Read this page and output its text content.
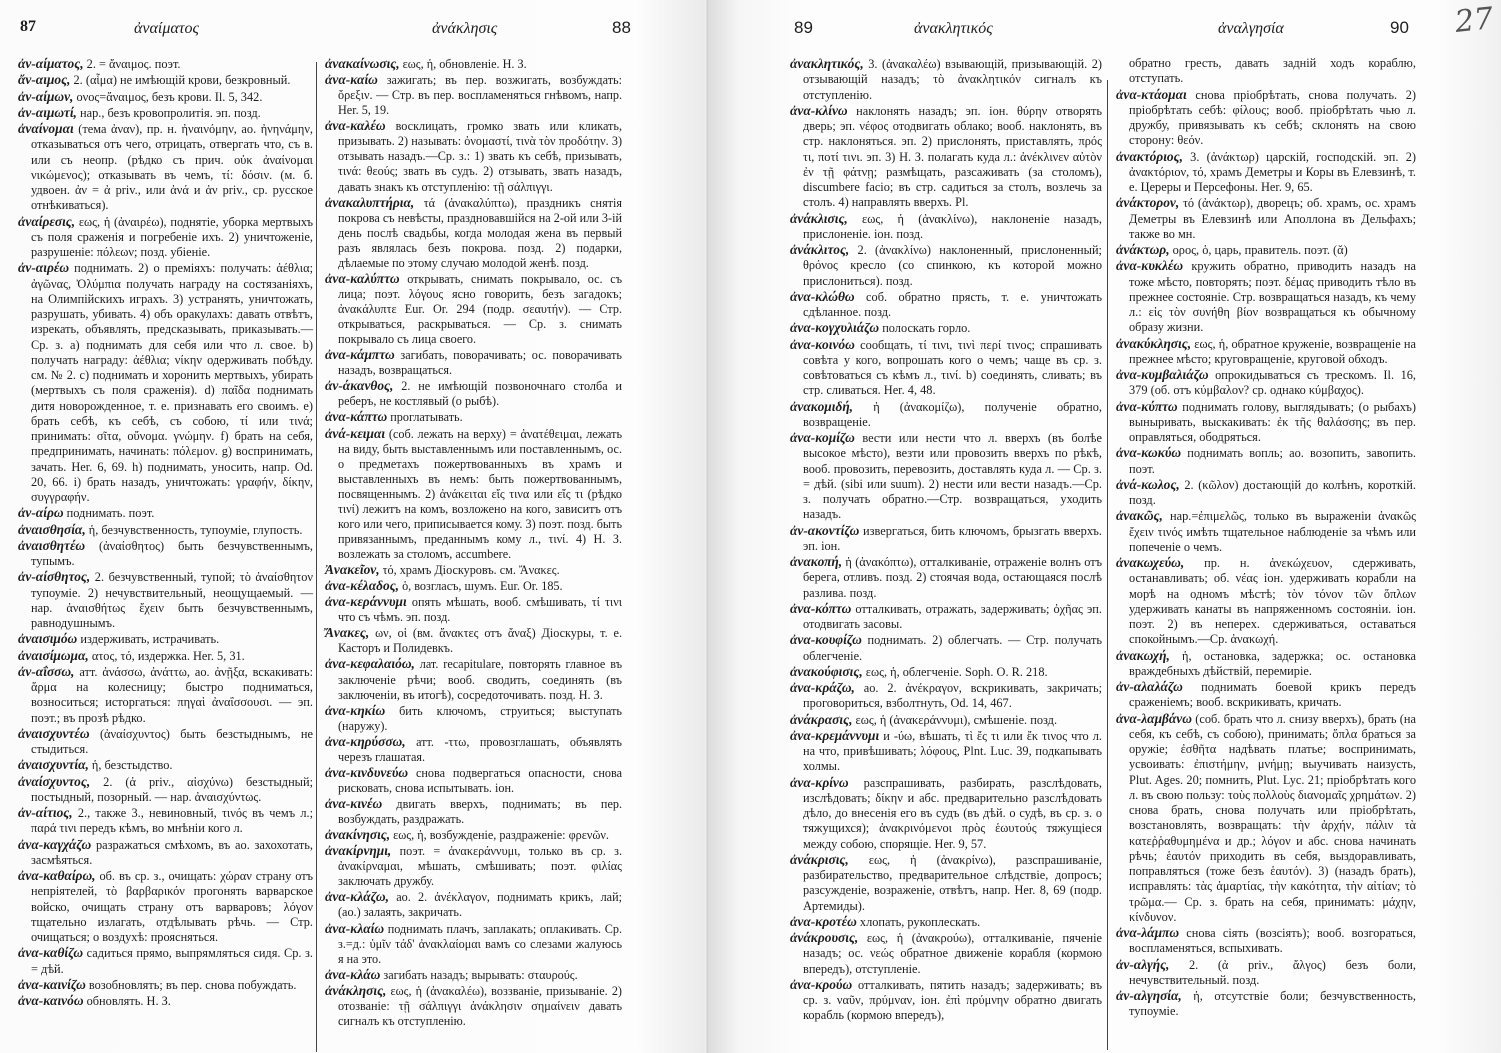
87	ἀναίματος	ἀνάκλησις	88

ἀν-αίματος, 2. = ἄναιμος. поэт.

ἄν-αιμος, 2. (αἷμα) не имѣющій крови, безкровный.

ἀν-αίμων, ονος=ἄναιμος, безъ крови. Il. 5, 342.

ἀν-αιμωτί, нар., безъ кровопролитія. эп. позд.

ἀναίνομαι (тема ἀναν), пр. н. ἠναινόμην, ао. ἠνηνάμην, отказываться отъ чего, отрицать, отвергать что, съ в. или съ неопр. (рѣдко съ прич. οὐκ ἀναίνομαι νικώμενος); отказывать въ чемъ, τί: δόσιν. (м. б. удвоен. ἀν = ἀ priv., или ἀνά и ἀν priv., ср. русское отнѣкиваться).

ἀναίρεσις, εως, ἡ (ἀναιρέω), поднятіе, уборка мертвыхъ съ поля сраженія и погребеніе ихъ. 2) уничтоженіе, разрушеніе: πόλεων; позд. убіеніе.

ἀν-αιρέω поднимать. 2) о преміяхъ: получать: ἀέθλια; ἀγῶνας, Ὀλύμπια получать награду на состязаніяхъ, на Олимпійскихъ играхъ. 3) устранять, уничтожать, разрушать, убивать. 4) объ оракулахъ: давать отвѣтъ, изрекать, объявлять, предсказывать, приказывать.—Ср. з. a) поднимать для себя или что л. свое. b) получать награду: ἀέθλια; νίκην одерживать побѣду. см. № 2. c) поднимать и хоронить мертвыхъ, убирать (мертвыхъ съ поля сраженія). d) παῖδα поднимать дитя новорожденное, т. е. признавать его своимъ. e) брать себѣ, къ себѣ, съ собою, τί или τινά; принимать: σῖτα, οὔνομα. γνώμην. f) брать на себя, предпринимать, начинать: πόλεμον. g) воспринимать, зачать. Her. 6, 69. h) поднимать, уносить, напр. Od. 20, 66. i) брать назадъ, уничтожать: γραφήν, δίκην, συγγραφήν.

ἀν-αίρω поднимать. поэт.

ἀναισθησία, ἡ, безчувственность, тупоумiе, глупость.

ἀναισθητέω (ἀναίσθητος) быть безчувственнымъ, тупымъ.

ἀν-αίσθητος, 2. безчувственный, тупой; τὸ ἀναίσθητον тупоумiе. 2) нечувствительный, неощущаемый. — нар. ἀναισθήτως ἔχειν быть безчувственнымъ, равнодушнымъ.

ἀναισιμόω издерживать, истрачивать.

ἀναισίμωμα, ατος, τό, издержка. Her. 5, 31.

ἀν-αΐσσω, атт. ἀνάσσω, ἀνάττω, ао. ἀνῇξα, вскакивать: ἅρμα на колесницу; быстро подниматься, возноситься; исторгаться: πηγαὶ ἀναΐσσουσι. — эп. поэт.; въ прозѣ рѣдко.

ἀναισχυντέω (ἀναίσχυντος) быть безстыднымъ, не стыдиться.

ἀναισχυντία, ἡ, безстыдство.

ἀναίσχυντος, 2. (ἀ priv., αἰσχύνω) безстыдный; постыдный, позорный. — нар. ἀναισχύντως.

ἀν-αίτιος, 2., также 3., невиновный, τινός въ чемъ л.; παρά τινι передъ кѣмъ, во мнѣніи кого л.

ἀνα-καγχάζω разражаться смѣхомъ, въ ао. захохотать, засмѣяться.

ἀνα-καθαίρω, об. въ ср. з., очищать: χώραν страну отъ непріятелей, τὸ βαρβαρικόν прогонять варварское войско, очищать страну отъ варваровъ; λόγον тщательно излагать, отдѣлывать рѣчь. — Стр. очищаться; о воздухѣ: проясняться.

ἀνα-καθίζω садиться прямо, выпрямляться сидя. Ср. з. = дѣй.

ἀνα-καινίζω возобновлять; въ пер. снова побуждать.

ἀνα-καινόω обновлять. Н. З.

ἀνακαίνωσις, εως, ἡ, обновленіе. Н. З.

ἀνα-καίω зажигать; въ пер. возжигать, возбуждать: ὄρεξιν. — Стр. въ пер. воспламеняться гнѣвомъ, напр. Her. 5, 19.

ἀνα-καλέω восклицать, громко звать или кликать, призывать. 2) называть: ὀνομαστί, τινὰ τὸν προδότην. 3) отзывать назадъ.—Ср. з.: 1) звать къ себѣ, призывать, τινά: θεούς; звать въ судъ. 2) отзывать, звать назадъ, давать знакъ къ отступленію: τῇ σάλπιγγι.

ἀνακαλυπτήρια, τά (ἀνακαλύπτω), праздникъ снятія покрова съ невѣсты, праздновавшійся на 2-ой или 3-ій день послѣ свадьбы, когда молодая жена въ первый разъ являлась безъ покрова. позд. 2) подарки, дѣлаемые по этому случаю молодой женѣ. позд.

ἀνα-καλύπτω открывать, снимать покрывало, ос. съ лица; поэт. λόγους ясно говорить, безъ загадокъ; ἀνακάλυπτε Eur. Or. 294 (подр. σεαυτήν). — Стр. открываться, раскрываться. — Ср. з. снимать покрывало съ лица своего.

ἀνα-κάμπτω загибать, поворачивать; ос. поворачивать назадъ, возвращаться.

ἀν-άκανθος, 2. не имѣющій позвоночнаго столба и реберъ, не костлявый (о рыбѣ).

ἀνα-κάπτω проглатывать.

ἀνά-κειμαι (соб. лежать на верху) = ἀνατέθειμαι, лежать на виду, быть выставленнымъ или поставленнымъ, ос. о предметахъ пожертвованныхъ въ храмъ и выставленныхъ въ немъ: быть пожертвованнымъ, посвященнымъ. 2) ἀνάκειται εἴς τινα или εἴς τι (рѣдко τινί) лежитъ на комъ, возложено на кого, зависитъ отъ кого или чего, приписывается кому. 3) поэт. позд. быть привязаннымъ, преданнымъ кому л., τινί. 4) Н. З. возлежать за столомъ, accumbere.

Ἀνακεῖον, τό, храмъ Діоскуровъ. см. Ἄνακες.

ἀνα-κέλαδος, ὁ, возгласъ, шумъ. Eur. Or. 185.

ἀνα-κεράννυμι опять мѣшать, вооб. смѣшивать, τί τινι что съ чѣмъ. эп. позд.

Ἄνακες, ων, οἱ (вм. ἄνακτες отъ ἄναξ) Діоскуры, т. е. Касторъ и Полидевкъ.

ἀνα-κεφαλαιόω, лат. recapitulare, повторять главное въ заключеніе рѣчи; вооб. сводить, соединять (въ заключеніи, въ итогѣ), сосредоточивать. позд. Н. З.

ἀνα-κηκίω бить ключомъ, струиться; выступать (наружу).

ἀνα-κηρύσσω, атт. -ττω, провозглашать, объявлять черезъ глашатая.

ἀνα-κινδυνεύω снова подвергаться опасности, снова рисковать, снова испытывать. іон.

ἀνα-κινέω двигать вверхъ, поднимать; въ пер. возбуждать, раздражать.

ἀνακίνησις, εως, ἡ, возбужденіе, раздраженіе: φρενῶν.

ἀνακίρνημι, поэт. = ἀνακεράννυμι, только въ ср. з. ἀνακίρναμαι, мѣшать, смѣшивать; поэт. φιλίας заключать дружбу.

ἀνα-κλάζω, ао. 2. ἀνέκλαγον, поднимать крикъ, лай; (ао.) залаять, закричать.

ἀνα-κλαίω поднимать плачъ, заплакать; оплакивать. Ср. з.=д.: ὑμῖν τάδ' ἀνακλαίομαι вамъ со слезами жалуюсь я на это.

ἀνα-κλάω загибать назадъ; вырывать: σταυρούς.

ἀνάκλησις, εως, ἡ (ἀνακαλέω), воззваніе, призываніе. 2) отозваніе: τῇ σάλπιγγι ἀνάκλησιν σημαίνειν давать сигналъ къ отступленію.

89	ἀνακλητικός	ἀναλγησία	90 27

ἀνακλητικός, 3. (ἀνακαλέω) взывающій, призывающій. 2) отзывающій назадъ; τὸ ἀνακλητικόν сигналъ къ отступленію.

ἀνα-κλίνω наклонять назадъ; эп. іон. θύρην отворять дверь; эп. νέφος отодвигать облако; вооб. наклонять, въ стр. наклоняться. эп. 2) прислонять, приставлять, πρός τι, ποτί τινι. эп. 3) Н. З. полагать куда л.: ἀνέκλινεν αὐτὸν ἐν τῇ φάτνῃ; размѣщать, разсаживать (за столомъ), discumbere facio; въ стр. садиться за столъ, возлечь за столъ. 4) направлять вверхъ. Pl.

ἀνάκλισις, εως, ἡ (ἀνακλίνω), наклоненіе назадъ, прислоненіе. іон. позд.

ἀνάκλιτος, 2. (ἀνακλίνω) наклоненный, прислоненный; θρόνος кресло (со спинкою, къ которой можно прислониться). позд.

ἀνα-κλώθω соб. обратно прясть, т. е. уничтожать сдѣланное. позд.

ἀνα-κογχυλιάζω полоскать горло.

ἀνα-κοινόω сообщать, τί τινι, τινὶ περί τινος; спрашивать совѣта у кого, вопрошать кого о чемъ; чаще въ ср. з. совѣтоваться съ кѣмъ л., τινί. b) соединять, сливать; въ стр. сливаться. Her. 4, 48.

ἀνακομιδή, ἡ (ἀνακομίζω), полученіе обратно, возвращеніе.

ἀνα-κομίζω вести или нести что л. вверхъ (въ болѣе высокое мѣсто), везти или провозить вверхъ по рѣкѣ, вооб. провозить, перевозить, доставлять куда л. — Ср. з. = дѣй. (sibi или suum). 2) нести или вести назадъ.—Ср. з. получать обратно.—Стр. возвращаться, уходить назадъ.

ἀν-ακοντίζω извергаться, бить ключомъ, брызгать вверхъ. эп. іон.

ἀνακοπή, ἡ (ἀνακόπτω), отталкиваніе, отраженіе волнъ отъ берега, отливъ. позд. 2) стоячая вода, остающаяся послѣ разлива. позд.

ἀνα-κόπτω отталкивать, отражать, задерживать; ὀχῆας эп. отодвигать засовы.

ἀνα-κουφίζω поднимать. 2) облегчать. — Стр. получать облегченіе.

ἀνακούφισις, εως, ἡ, облегченіе. Soph. O. R. 218.

ἀνα-κράζω, ао. 2. ἀνέκραγον, вскрикивать, закричать; проговориться, взболтнуть, Od. 14, 467.

ἀνάκρασις, εως, ἡ (ἀνακεράννυμι), смѣшеніе. позд.

ἀνα-κρεμάννυμι и -ύω, вѣшать, τὶ ἔς τι или ἔκ τινος что л. на что, привѣшивать; λόφους, Plnt. Luc. 39, подкапывать холмы.

ἀνα-κρίνω разспрашивать, разбирать, разслѣдовать, изслѣдовать; δίκην и абс. предварительно разслѣдовать дѣло, до внесенія его въ судъ (въ дѣй. о судѣ, въ ср. з. о тяжущихся); ἀνακρινόμενοι πρὸς ἑωυτούς тяжущіеся между собою, спорящіе. Her. 9, 57.

ἀνάκρισις, εως, ἡ (ἀνακρίνω), разспрашиваніе, разбирательство, предварительное слѣдствіе, допросъ; разсужденіе, возраженіе, отвѣтъ, напр. Her. 8, 69 (подр. Артемиды).

ἀνα-κροτέω хлопать, рукоплескать.

ἀνάκρουσις, εως, ἡ (ἀνακρούω), отталкиваніе, пяченіе назадъ; ос. νεώς обратное движеніе корабля (кормою впередъ), отступленіе.

ἀνα-κρούω отталкивать, пятить назадъ; задерживать; въ ср. з. ναῦν, πρύμναν, іон. ἐπὶ πρύμνην обратно двигать корабль (кормою впередъ),

обратно гресть, давать задній ходъ кораблю, отступать.

ἀνα-κτάομαι снова пріобрѣтать, снова получать. 2) пріобрѣтать себѣ: φίλους; вооб. пріобрѣтать чью л. дружбу, привязывать къ себѣ; склонять на свою сторону: θεόν.

ἀνακτόριος, 3. (ἀνάκτωρ) царскій, господскій. эп. 2) ἀνακτόριον, τό, храмъ Деметры и Коры въ Елевзинѣ, т. е. Цереры и Персефоны. Her. 9, 65.

ἀνάκτορον, τό (ἀνάκτωρ), дворецъ; об. храмъ, ос. храмъ Деметры въ Елевзинѣ или Аполлона въ Дельфахъ; также во мн.

ἀνάκτωρ, ορος, ὁ, царь, правитель. поэт. (ᾰ)

ἀνα-κυκλέω кружить обратно, приводить назадъ на тоже мѣсто, повторять; поэт. δέμας приводить тѣло въ прежнее состояніе. Стр. возвращаться назадъ, къ чему л.: εἰς τὸν συνήθη βίον возвращаться къ обычному образу жизни.

ἀνακύκλησις, εως, ἡ, обратное круженіе, возвращеніе на прежнее мѣсто; круговращеніе, круговой обходъ.

ἀνα-κυμβαλιάζω опрокидываться съ трескомъ. Il. 16, 379 (об. отъ κύμβαλον? ср. однако κύμβαχος).

ἀνα-κύπτω поднимать голову, выглядывать; (о рыбахъ) выныривать, выскакивать: ἐκ τῆς θαλάσσης; въ пер. оправляться, ободряться.

ἀνα-κωκύω поднимать вопль; ао. возопить, завопить. поэт.

ἀνά-κωλος, 2. (κῶλον) достающій до колѣнъ, короткій. позд.

ἀνακῶς, нар.=ἐπιμελῶς, только въ выраженіи ἀνακῶς ἔχειν τινός имѣть тщательное наблюденіе за чѣмъ или попеченіе о чемъ.

ἀνακωχεύω, пр. н. ἀνεκώχευον, сдерживать, останавливать; об. νέας іон. удерживать корабли на морѣ на одномъ мѣстѣ; τὸν τόνον τῶν ὅπλων удерживать канаты въ напряженномъ состояніи. іон. поэт. 2) въ неперех. сдерживаться, оставаться спокойнымъ.—Ср. ἀνακωχή.

ἀνακωχή, ἡ, остановка, задержка; ос. остановка враждебныхъ дѣйствій, перемиріе.

ἀν-αλαλάζω поднимать боевой крикъ передъ сраженіемъ; вооб. вскрикивать, кричать.

ἀνα-λαμβάνω (соб. брать что л. снизу вверхъ), брать (на себя, къ себѣ, съ собою), принимать; ὅπλα браться за оружіе; ἐσθῆτα надѣвать платье; воспринимать, усвоивать: ἐπιστήμην, μνήμῃ; выучивать наизусть, Plut. Ages. 20; помнить, Plut. Lyc. 21; пріобрѣтать кого л. въ свою пользу: τοὺς πολλοὺς διανομαῖς χρημάτων. 2) снова брать, снова получать или пріобрѣтать, возстановлять, возвращать: τὴν ἀρχήν, πάλιν τὰ κατεῤῥαθυμημένα и др.; λόγον и абс. снова начинать рѣчь; ἑαυτόν приходить въ себя, выздоравливать, поправляться (тоже безъ ἑαυτόν). 3) (назадъ брать), исправлять: τὰς ἁμαρτίας, τὴν κακότητα, τὴν αἰτίαν; τὸ τρῶμα.— Ср. з. брать на себя, принимать: μάχην, κίνδυνον.

ἀνα-λάμπω снова сіять (возсіять); вооб. возгораться, воспламеняться, вспыхивать.

ἀν-αλγής, 2. (ἀ priv., ἄλγος) безъ боли, нечувствительный. позд.

ἀν-αλγησία, ἡ, отсутствіе боли; безчувственность, тупоумiе.
